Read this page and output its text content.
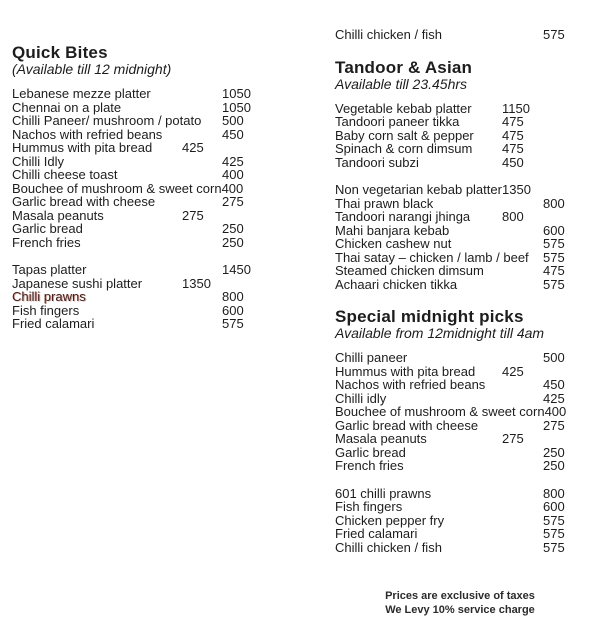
Quick Bites
(Available till 12 midnight)
Lebanese mezze platter	1050
Chennai on a plate	1050
Chilli Paneer/ mushroom / potato 500
Nachos with refried beans	450
Hummus with pita bread	425
Chilli Idly	425
Chilli cheese toast	400
Bouchee of mushroom & sweet corn400
Garlic bread with cheese	275
Masala peanuts	275
Garlic bread	250
French fries	250
Tapas platter	1450
Japanese sushi platter	1350
Chilli prawns	800
Fish fingers	600
Fried calamari	575
Chilli chicken / fish	575
Tandoor & Asian
Available till 23.45hrs
Vegetable kebab platter	1150
Tandoori paneer tikka	475
Baby corn salt & pepper	475
Spinach & corn dimsum	475
Tandoori subzi	450
Non vegetarian kebab platter 1350
Thai prawn black	800
Tandoori narangi jhinga	800
Mahi banjara kebab	600
Chicken cashew nut	575
Thai satay – chicken / lamb / beef 575
Steamed chicken dimsum	475
Achaari chicken tikka	575
Special midnight picks
Available from 12midnight till 4am
Chilli paneer	500
Hummus with pita bread	425
Nachos with refried beans	450
Chilli idly	425
Bouchee of mushroom & sweet corn400
Garlic bread with cheese	275
Masala peanuts	275
Garlic bread	250
French fries	250
601 chilli prawns	800
Fish fingers	600
Chicken pepper fry	575
Fried calamari	575
Chilli chicken / fish	575
Prices are exclusive of taxes
We Levy 10% service charge
